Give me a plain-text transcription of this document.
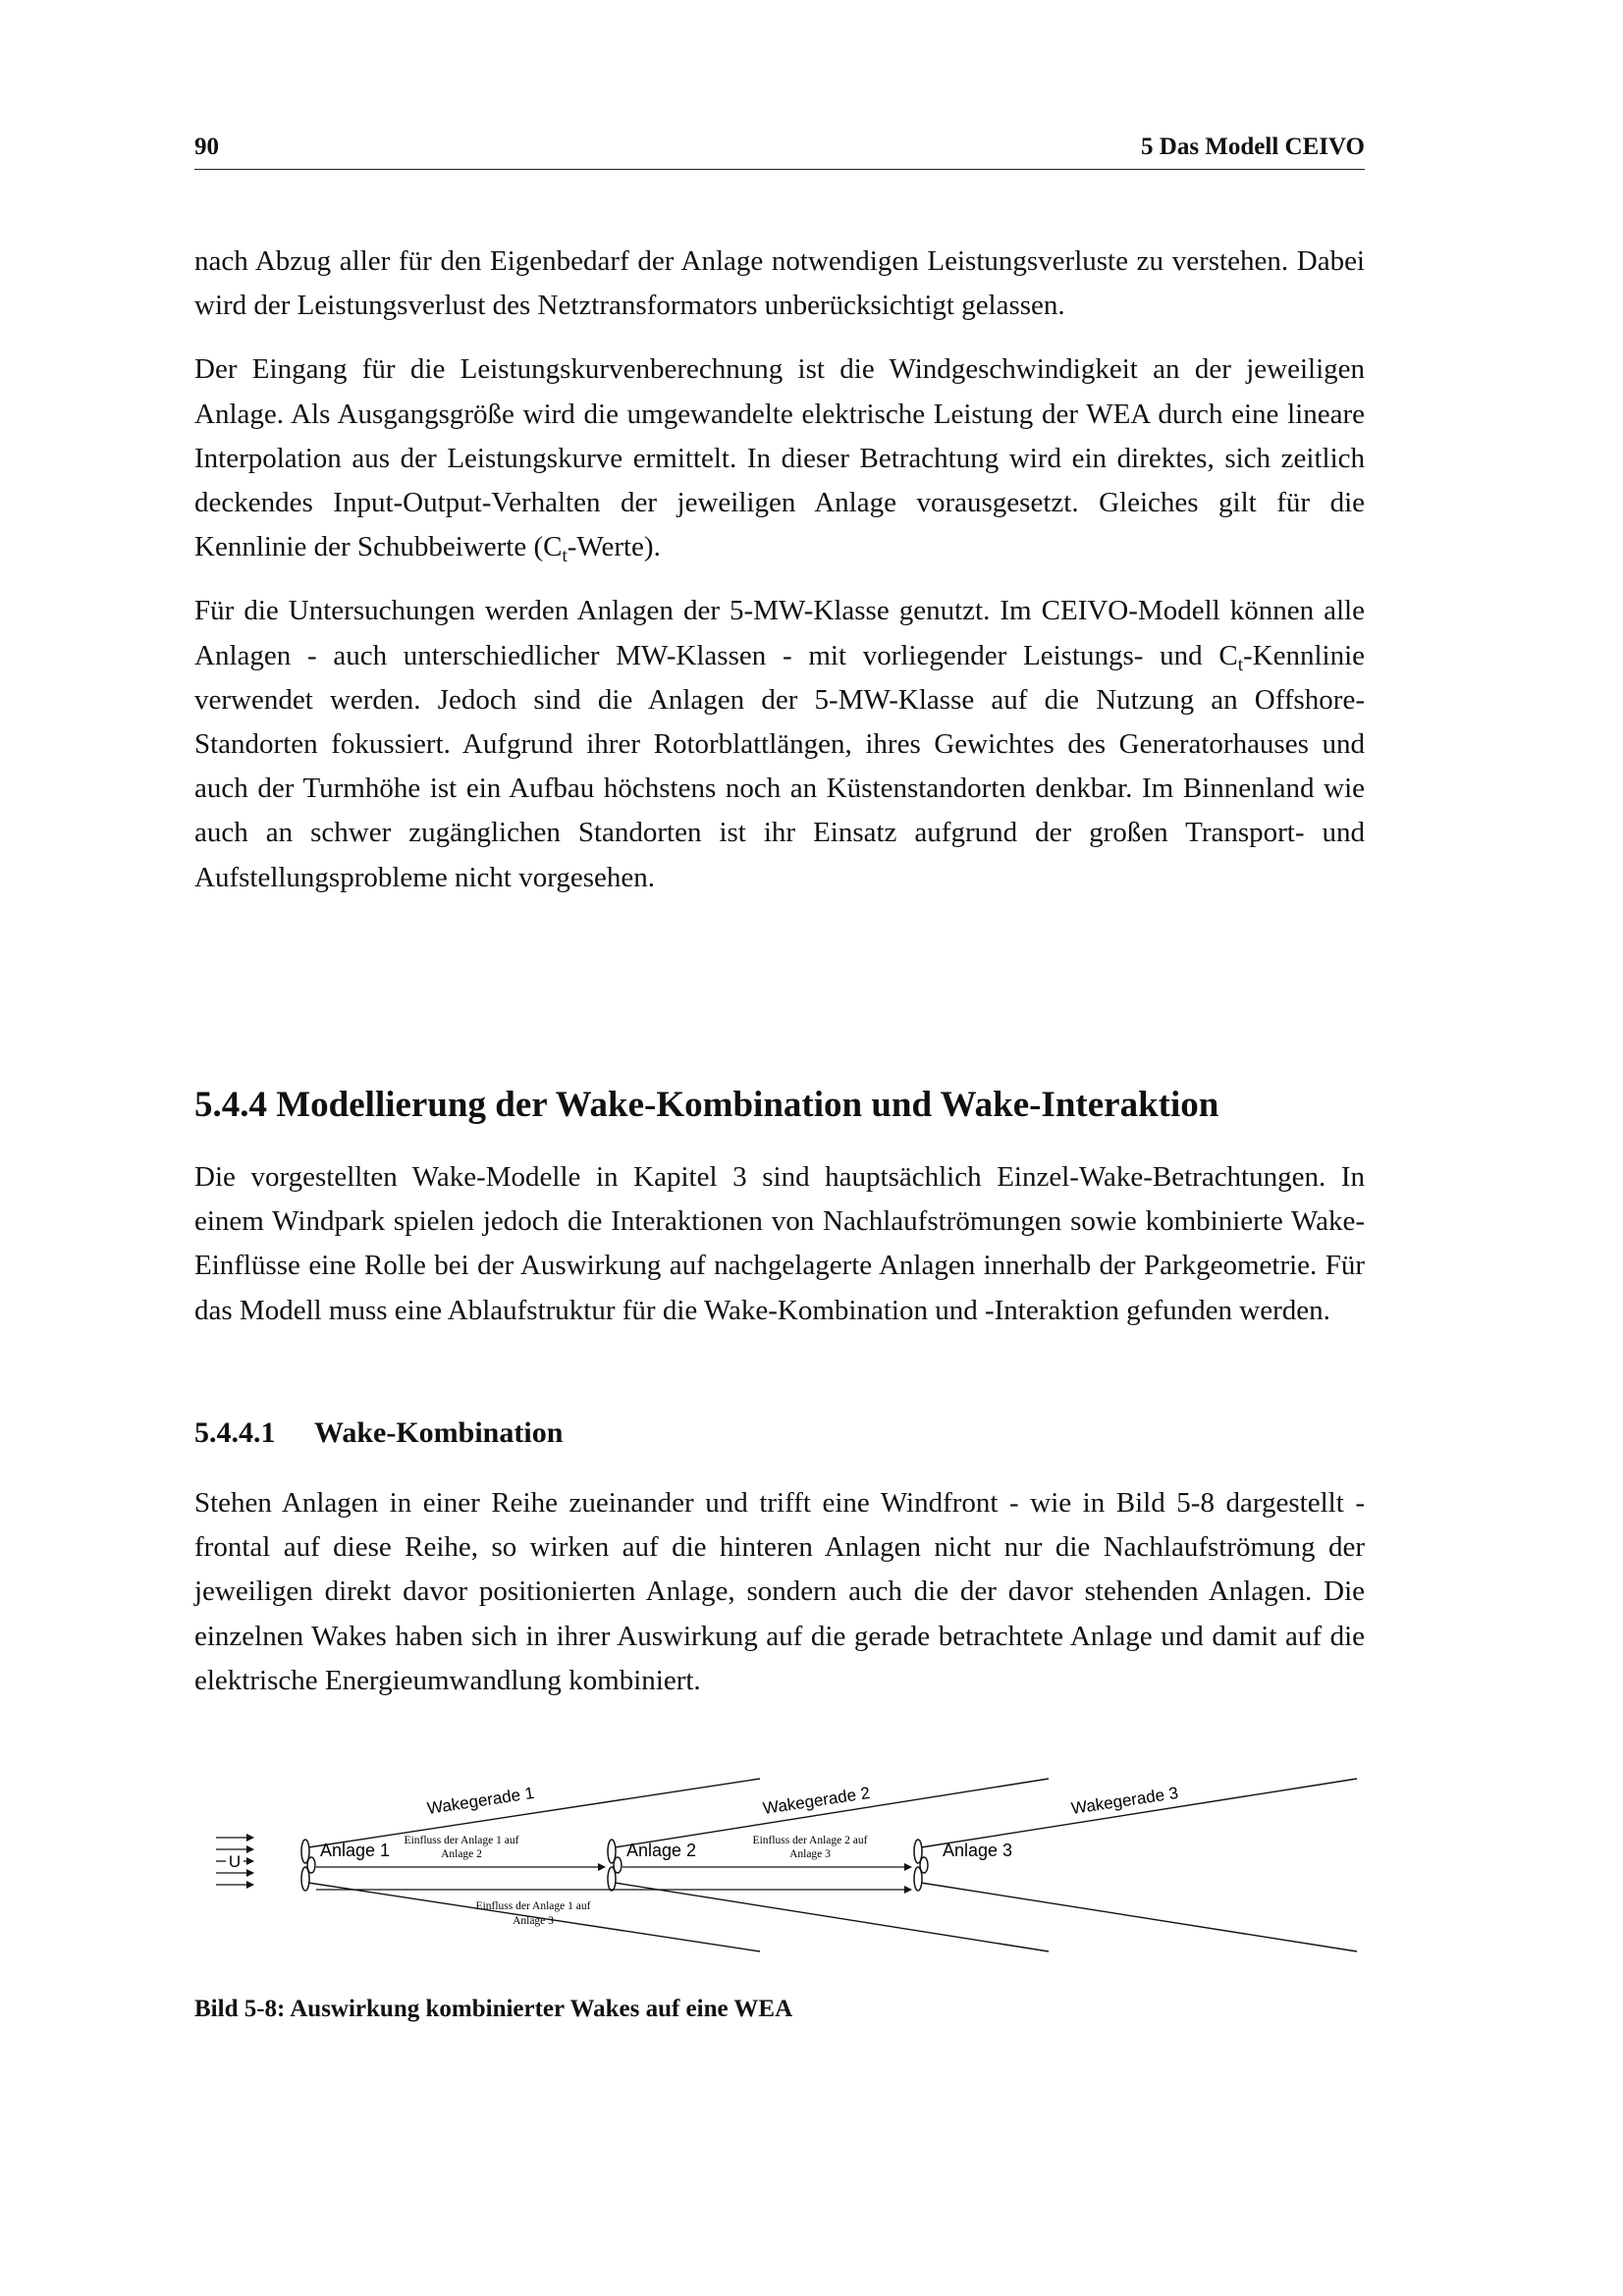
90	5 Das Modell CEIVO

nach Abzug aller für den Eigenbedarf der Anlage notwendigen Leistungsverluste zu verstehen. Dabei wird der Leistungsverlust des Netztransformators unberücksichtigt gelassen.

Der Eingang für die Leistungskurvenberechnung ist die Windgeschwindigkeit an der jeweiligen Anlage. Als Ausgangsgröße wird die umgewandelte elektrische Leistung der WEA durch eine lineare Interpolation aus der Leistungskurve ermittelt. In dieser Betrachtung wird ein direktes, sich zeitlich deckendes Input-Output-Verhalten der jeweiligen Anlage vorausgesetzt. Gleiches gilt für die Kennlinie der Schubbeiwerte $(C_t-Werte)$.

Für die Untersuchungen werden Anlagen der 5-MW-Klasse genutzt. Im CEIVO-Modell können alle Anlagen - auch unterschiedlicher MW-Klassen - mit vorliegender Leistungs- und $C_t$-Kennlinie verwendet werden. Jedoch sind die Anlagen der 5-MW-Klasse auf die Nutzung an Offshore-Standorten fokussiert. Aufgrund ihrer Rotorblattlängen, ihres Gewichtes des Generatorhauses und auch der Turmhöhe ist ein Aufbau höchstens noch an Küstenstandorten denkbar. Im Binnenland wie auch an schwer zugänglichen Standorten ist ihr Einsatz aufgrund der großen Transport- und Aufstellungsprobleme nicht vorgesehen.

5.4.4 Modellierung der Wake-Kombination und Wake-Interaktion

Die vorgestellten Wake-Modelle in Kapitel 3 sind hauptsächlich Einzel-Wake-Betrachtungen. In einem Windpark spielen jedoch die Interaktionen von Nachlaufströmungen sowie kombinierte Wake-Einflüsse eine Rolle bei der Auswirkung auf nachgelagerte Anlagen innerhalb der Parkgeometrie. Für das Modell muss eine Ablaufstruktur für die Wake-Kombination und -Interaktion gefunden werden.

5.4.4.1 Wake-Kombination

Stehen Anlagen in einer Reihe zueinander und trifft eine Windfront - wie in Bild 5-8 dargestellt - frontal auf diese Reihe, so wirken auf die hinteren Anlagen nicht nur die Nachlaufströmung der jeweiligen direkt davor positionierten Anlage, sondern auch die der davor stehenden Anlagen. Die einzelnen Wakes haben sich in ihrer Auswirkung auf die gerade betrachtete Anlage und damit auf die elektrische Energieumwandlung kombiniert.

U
Wakegerade 1	Wakegerade 2	Wakegerade 3
Anlage 1	Anlage 2	Anlage 3
Einfluss der Anlage 1 auf
Anlage 2
Einfluss der Anlage 2 auf
Anlage 3
Einfluss der Anlage 1 auf
Anlage 3
Bild 5-8: Auswirkung kombinierter Wakes auf eine WEA
